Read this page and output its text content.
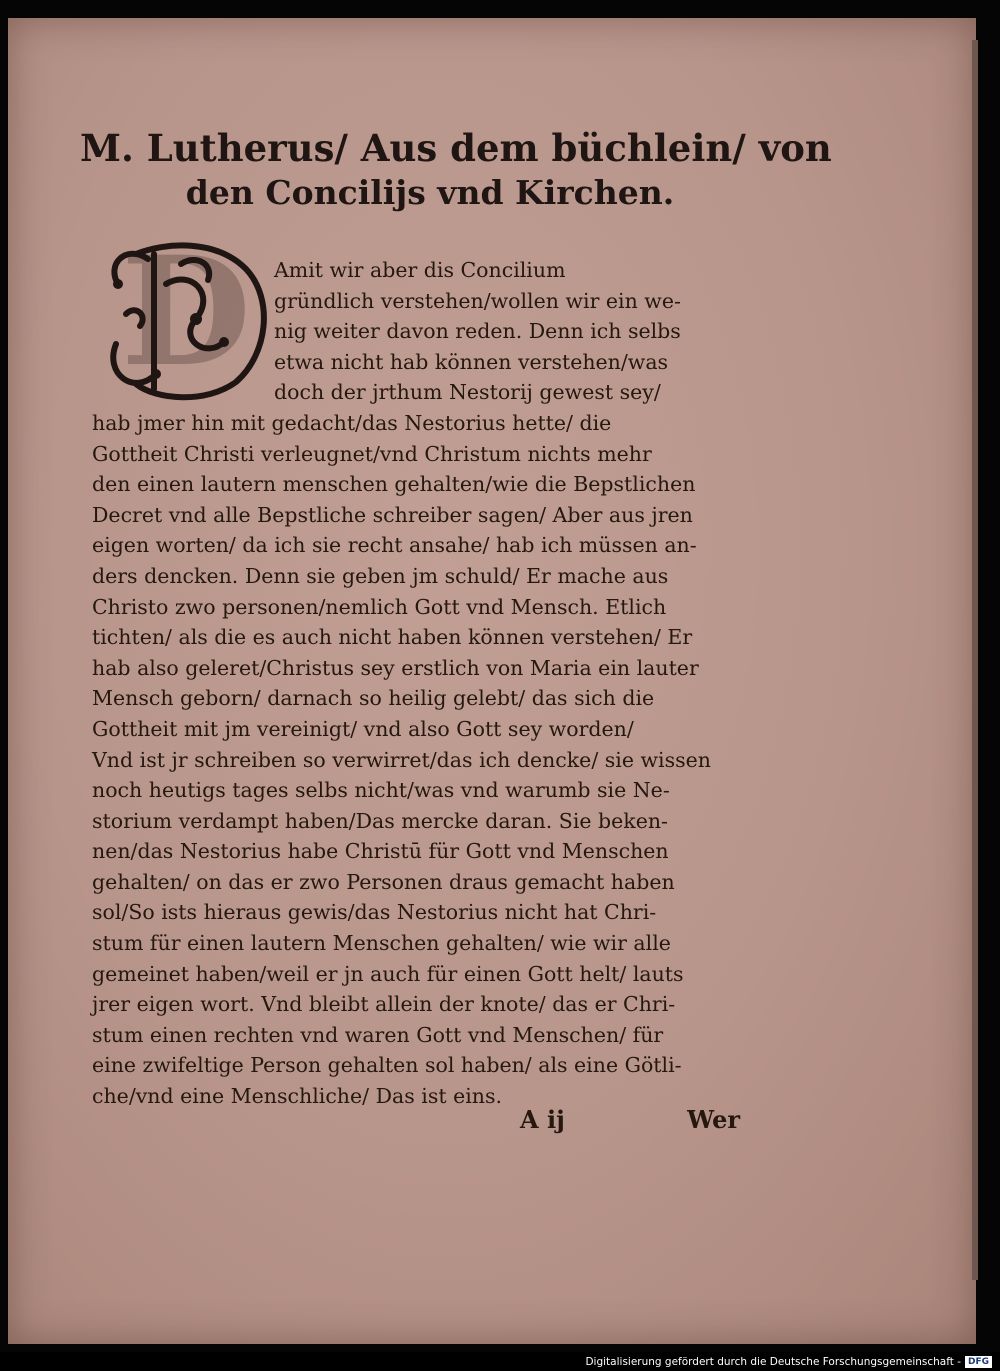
M. Lutherus/ Aus dem büchlein/ von
den Concilijs vnd Kirchen.
D	Amit wir aber dis Concilium
gründlich verstehen/wollen wir ein we-
nig weiter davon reden. Denn ich selbs
etwa nicht hab können verstehen/was
doch der jrthum Nestorij gewest sey/
hab jmer hin mit gedacht/das Nestorius hette/ die
Gottheit Christi verleugnet/vnd Christum nichts mehr
den einen lautern menschen gehalten/wie die Bepstlichen
Decret vnd alle Bepstliche schreiber sagen/ Aber aus jren
eigen worten/ da ich sie recht ansahe/ hab ich müssen an-
ders dencken. Denn sie geben jm schuld/ Er mache aus
Christo zwo personen/nemlich Gott vnd Mensch. Etlich
tichten/ als die es auch nicht haben können verstehen/ Er
hab also geleret/Christus sey erstlich von Maria ein lauter
Mensch geborn/ darnach so heilig gelebt/ das sich die
Gottheit mit jm vereinigt/ vnd also Gott sey worden/
Vnd ist jr schreiben so verwirret/das ich dencke/ sie wissen
noch heutigs tages selbs nicht/was vnd warumb sie Ne-
storium verdampt haben/Das mercke daran. Sie beken-
nen/das Nestorius habe Christū für Gott vnd Menschen
gehalten/ on das er zwo Personen draus gemacht haben
sol/So ists hieraus gewis/das Nestorius nicht hat Chri-
stum für einen lautern Menschen gehalten/ wie wir alle
gemeinet haben/weil er jn auch für einen Gott helt/ lauts
jrer eigen wort. Vnd bleibt allein der knote/ das er Chri-
stum einen rechten vnd waren Gott vnd Menschen/ für
eine zwifeltige Person gehalten sol haben/ als eine Götli-
che/vnd eine Menschliche/ Das ist eins.
A ij	Wer
Digitalisierung gefördert durch die Deutsche Forschungsgemeinschaft - DFG
